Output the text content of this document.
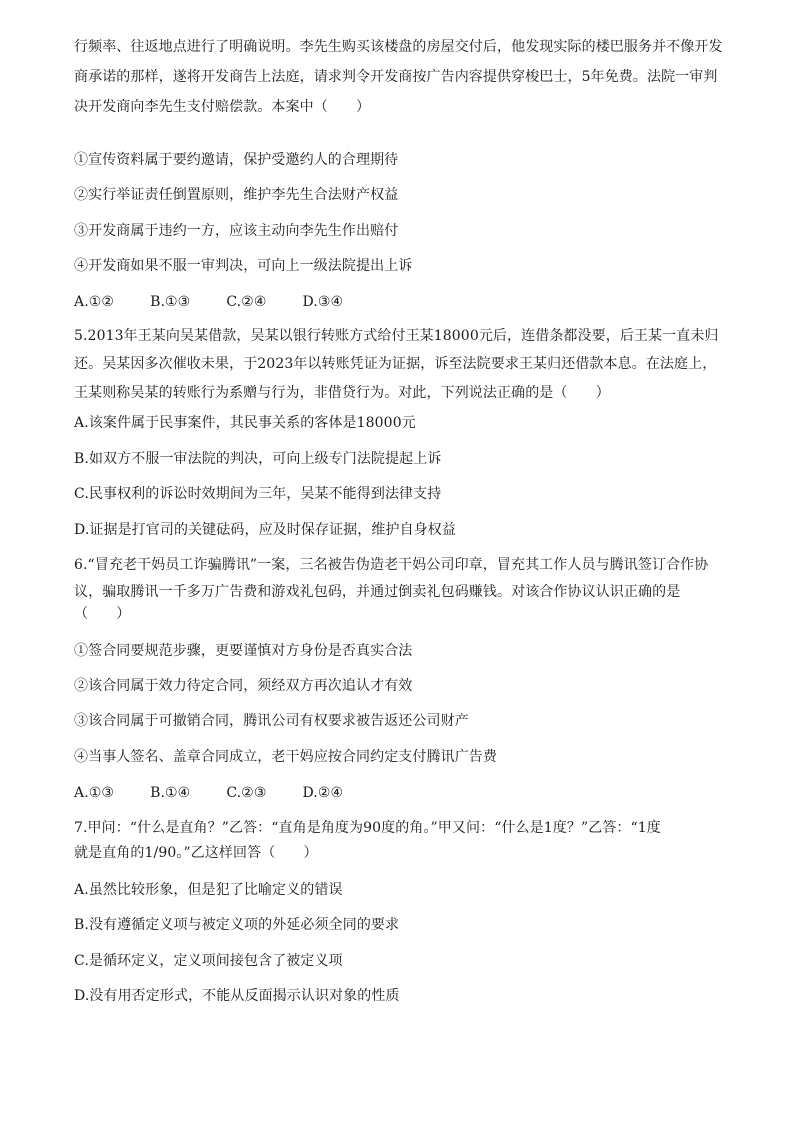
行频率、往返地点进行了明确说明。李先生购买该楼盘的房屋交付后，他发现实际的楼巴服务并不像开发
商承诺的那样，遂将开发商告上法庭，请求判令开发商按广告内容提供穿梭巴士，5年免费。法院一审判
决开发商向李先生支付赔偿款。本案中（　　）
①宣传资料属于要约邀请，保护受邀约人的合理期待
②实行举证责任倒置原则，维护李先生合法财产权益
③开发商属于违约一方，应该主动向李先生作出赔付
④开发商如果不服一审判决，可向上一级法院提出上诉
A.①②	B.①③	C.②④	D.③④
5.2013年王某向吴某借款，吴某以银行转账方式给付王某18000元后，连借条都没要，后王某一直未归
还。吴某因多次催收未果，于2023年以转账凭证为证据，诉至法院要求王某归还借款本息。在法庭上，
王某则称吴某的转账行为系赠与行为，非借贷行为。对此，下列说法正确的是（　　）
A.该案件属于民事案件，其民事关系的客体是18000元
B.如双方不服一审法院的判决，可向上级专门法院提起上诉
C.民事权利的诉讼时效期间为三年，吴某不能得到法律支持
D.证据是打官司的关键砝码，应及时保存证据，维护自身权益
6.“冒充老干妈员工诈骗腾讯”一案，三名被告伪造老干妈公司印章，冒充其工作人员与腾讯签订合作协
议，骗取腾讯一千多万广告费和游戏礼包码，并通过倒卖礼包码赚钱。对该合作协议认识正确的是
（　　）
①签合同要规范步骤，更要谨慎对方身份是否真实合法
②该合同属于效力待定合同，须经双方再次追认才有效
③该合同属于可撤销合同，腾讯公司有权要求被告返还公司财产
④当事人签名、盖章合同成立，老干妈应按合同约定支付腾讯广告费
A.①③	B.①④	C.②③	D.②④
7.甲问：“什么是直角？”乙答：“直角是角度为90度的角。”甲又问：“什么是1度？”乙答：“1度
就是直角的1/90。”乙这样回答（　　）
A.虽然比较形象，但是犯了比喻定义的错误
B.没有遵循定义项与被定义项的外延必须全同的要求
C.是循环定义，定义项间接包含了被定义项
D.没有用否定形式，不能从反面揭示认识对象的性质
